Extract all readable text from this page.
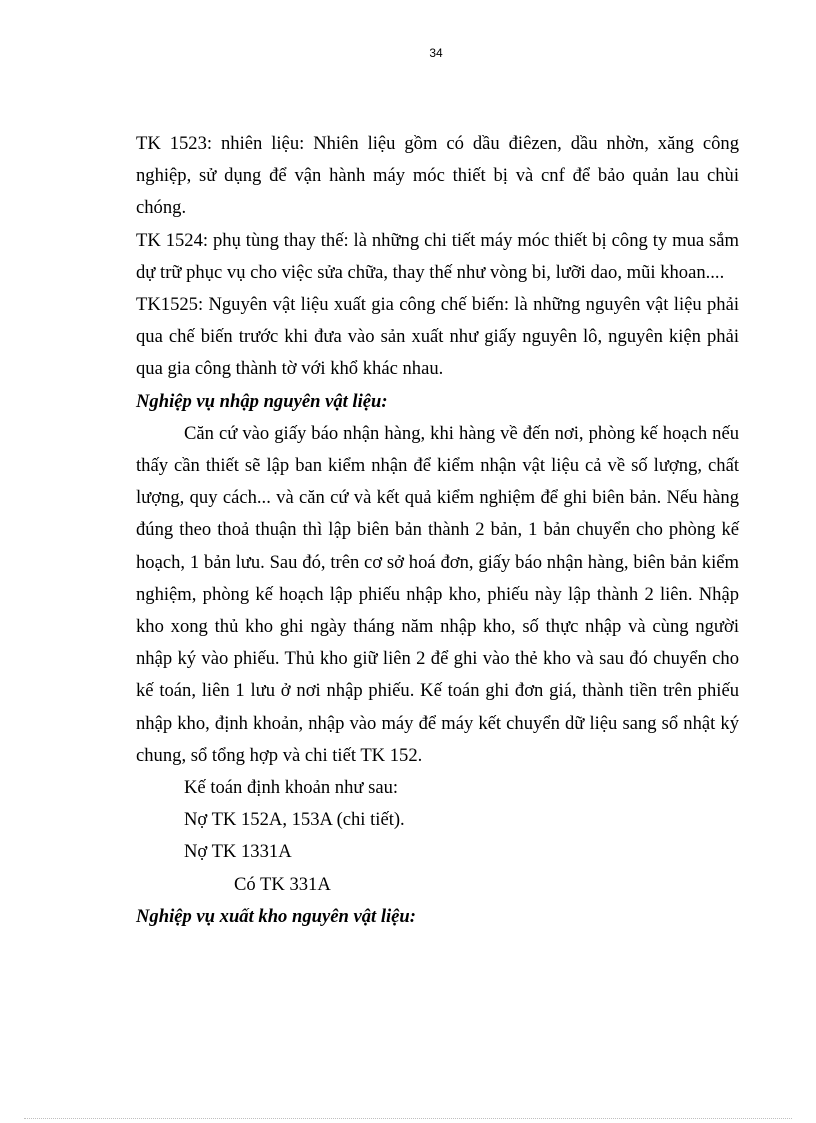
34

TK 1523: nhiên liệu: Nhiên liệu gồm có dầu điêzen, dầu nhờn, xăng công nghiệp, sử dụng để vận hành máy móc thiết bị và cnf để bảo quản lau chùi chóng.

TK 1524: phụ tùng thay thế: là những chi tiết máy móc thiết bị công ty mua sắm dự trữ phục vụ cho việc sửa chữa, thay thế như vòng bi, lưỡi dao, mũi khoan....

TK1525: Nguyên vật liệu xuất gia công chế biến: là những nguyên vật liệu phải qua chế biến trước khi đưa vào sản xuất như giấy nguyên lô, nguyên kiện phải qua gia công thành tờ với khổ khác nhau.

Nghiệp vụ nhập nguyên vật liệu:

Căn cứ vào giấy báo nhận hàng, khi hàng về đến nơi, phòng kế hoạch nếu thấy cần thiết sẽ lập ban kiểm nhận để kiểm nhận vật liệu cả về số lượng, chất lượng, quy cách... và căn cứ và kết quả kiểm nghiệm để ghi biên bản. Nếu hàng đúng theo thoả thuận thì lập biên bản thành 2 bản, 1 bản chuyển cho phòng kế hoạch, 1 bản lưu. Sau đó, trên cơ sở hoá đơn, giấy báo nhận hàng, biên bản kiểm nghiệm, phòng kế hoạch lập phiếu nhập kho, phiếu này lập thành 2 liên. Nhập kho xong thủ kho ghi ngày tháng năm nhập kho, số thực nhập và cùng người nhập ký vào phiếu. Thủ kho giữ liên 2 để ghi vào thẻ kho và sau đó chuyển cho kế toán, liên 1 lưu ở nơi nhập phiếu. Kế toán ghi đơn giá, thành tiền trên phiếu nhập kho, định khoản, nhập vào máy để máy kết chuyển dữ liệu sang sổ nhật ký chung, sổ tổng hợp và chi tiết TK 152.

Kế toán định khoản như sau:

Nợ TK 152A, 153A (chi tiết).

Nợ TK 1331A

Có TK 331A

Nghiệp vụ xuất kho nguyên vật liệu:
